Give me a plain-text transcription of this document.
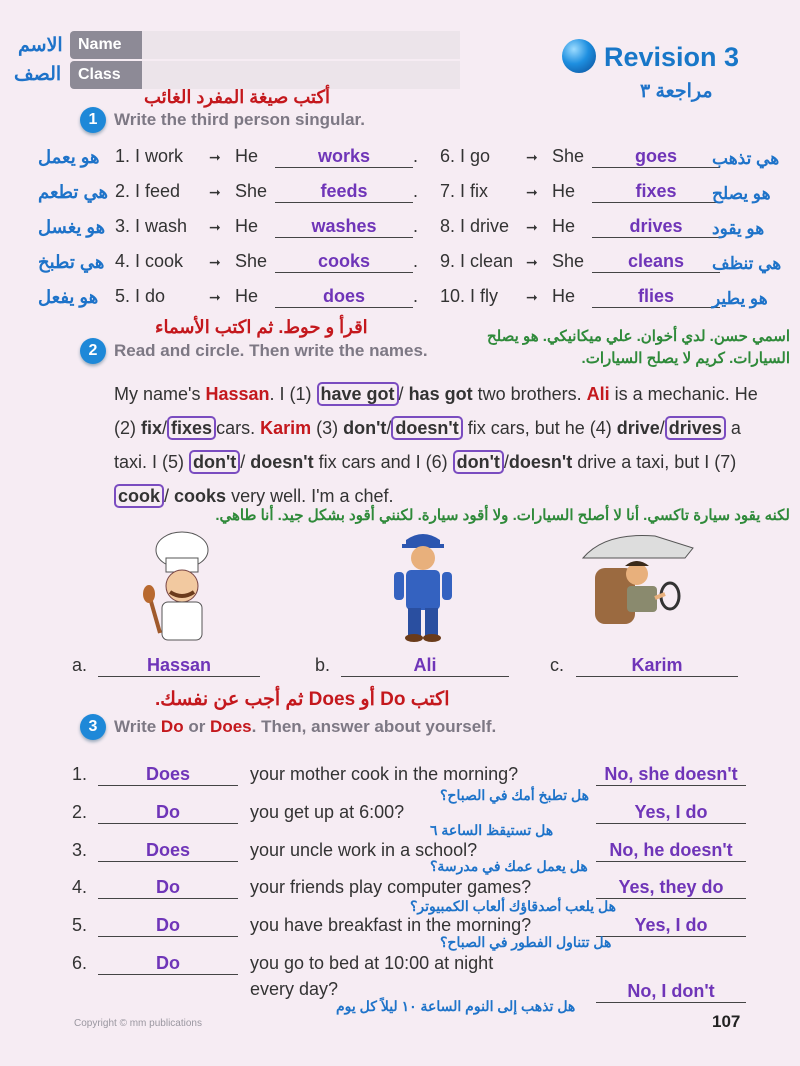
الاسم
الصف
Name
Class
Revision 3
مراجعة ٣
أكتب صيغة المفرد الغائب
1 Write the third person singular.
هو يعمل 1. I work ➞ He	works .
هي تطعم 2. I feed ➞ She	feeds	.
هو يغسل 3. I wash ➞ He	washes .
هي تطبخ 4. I cook ➞ She	cooks .
هو يفعل 5. I do	➞ He	does	.
6. I go	➞ She	goes	هي تذهب
7. I fix	➞ He	fixes	هو يصلح
8. I drive ➞ He	drives	هو يقود
9. I clean ➞ She cleans	هي تنظف
10. I fly ➞ He	flies	هو يطير
اقرأ و حوط. ثم اكتب الأسماء
2 Read and circle. Then write the names.
اسمي حسن. لدي أخوان. علي ميكانيكي. هو يصلح السيارات. كريم لا يصلح السيارات.
My name's Hassan. I (1) have got / has got two brothers. Ali is a mechanic. He (2) fix/ fixes cars. Karim (3) don't/ doesn't fix cars, but he (4) drive/ drives a taxi. I (5) don't / doesn't fix cars and I (6) don't /doesn't drive a taxi, but I (7) cook / cooks very well. I'm a chef.
لكنه يقود سيارة تاكسي. أنا لا أصلح السيارات. ولا أقود سيارة. لكنني أقود بشكل جيد. أنا طاهي.
a.	Hassan	b.	Ali	c.	Karim
اكتب Do أو Does ثم أجب عن نفسك.
3 Write Do or Does. Then, answer about yourself.
1.	Does	your mother cook in the morning?	No, she doesn't
هل تطبخ أمك في الصباح؟
2.	Do	you get up at 6:00?	Yes, I do
هل تستيقظ الساعة ٦
3.	Does	your uncle work in a school?	No, he doesn't
هل يعمل عمك في مدرسة؟
4.	Do	your friends play computer games?	Yes, they do
هل يلعب أصدقاؤك ألعاب الكمبيوتر؟
5.	Do	you have breakfast in the morning?	Yes, I do
هل تتناول الفطور في الصباح؟
6.	Do	you go to bed at 10:00 at night
every day?	No, I don't
هل تذهب إلى النوم الساعة ١٠ ليلاً كل يوم
Copyright © mm publications	107
